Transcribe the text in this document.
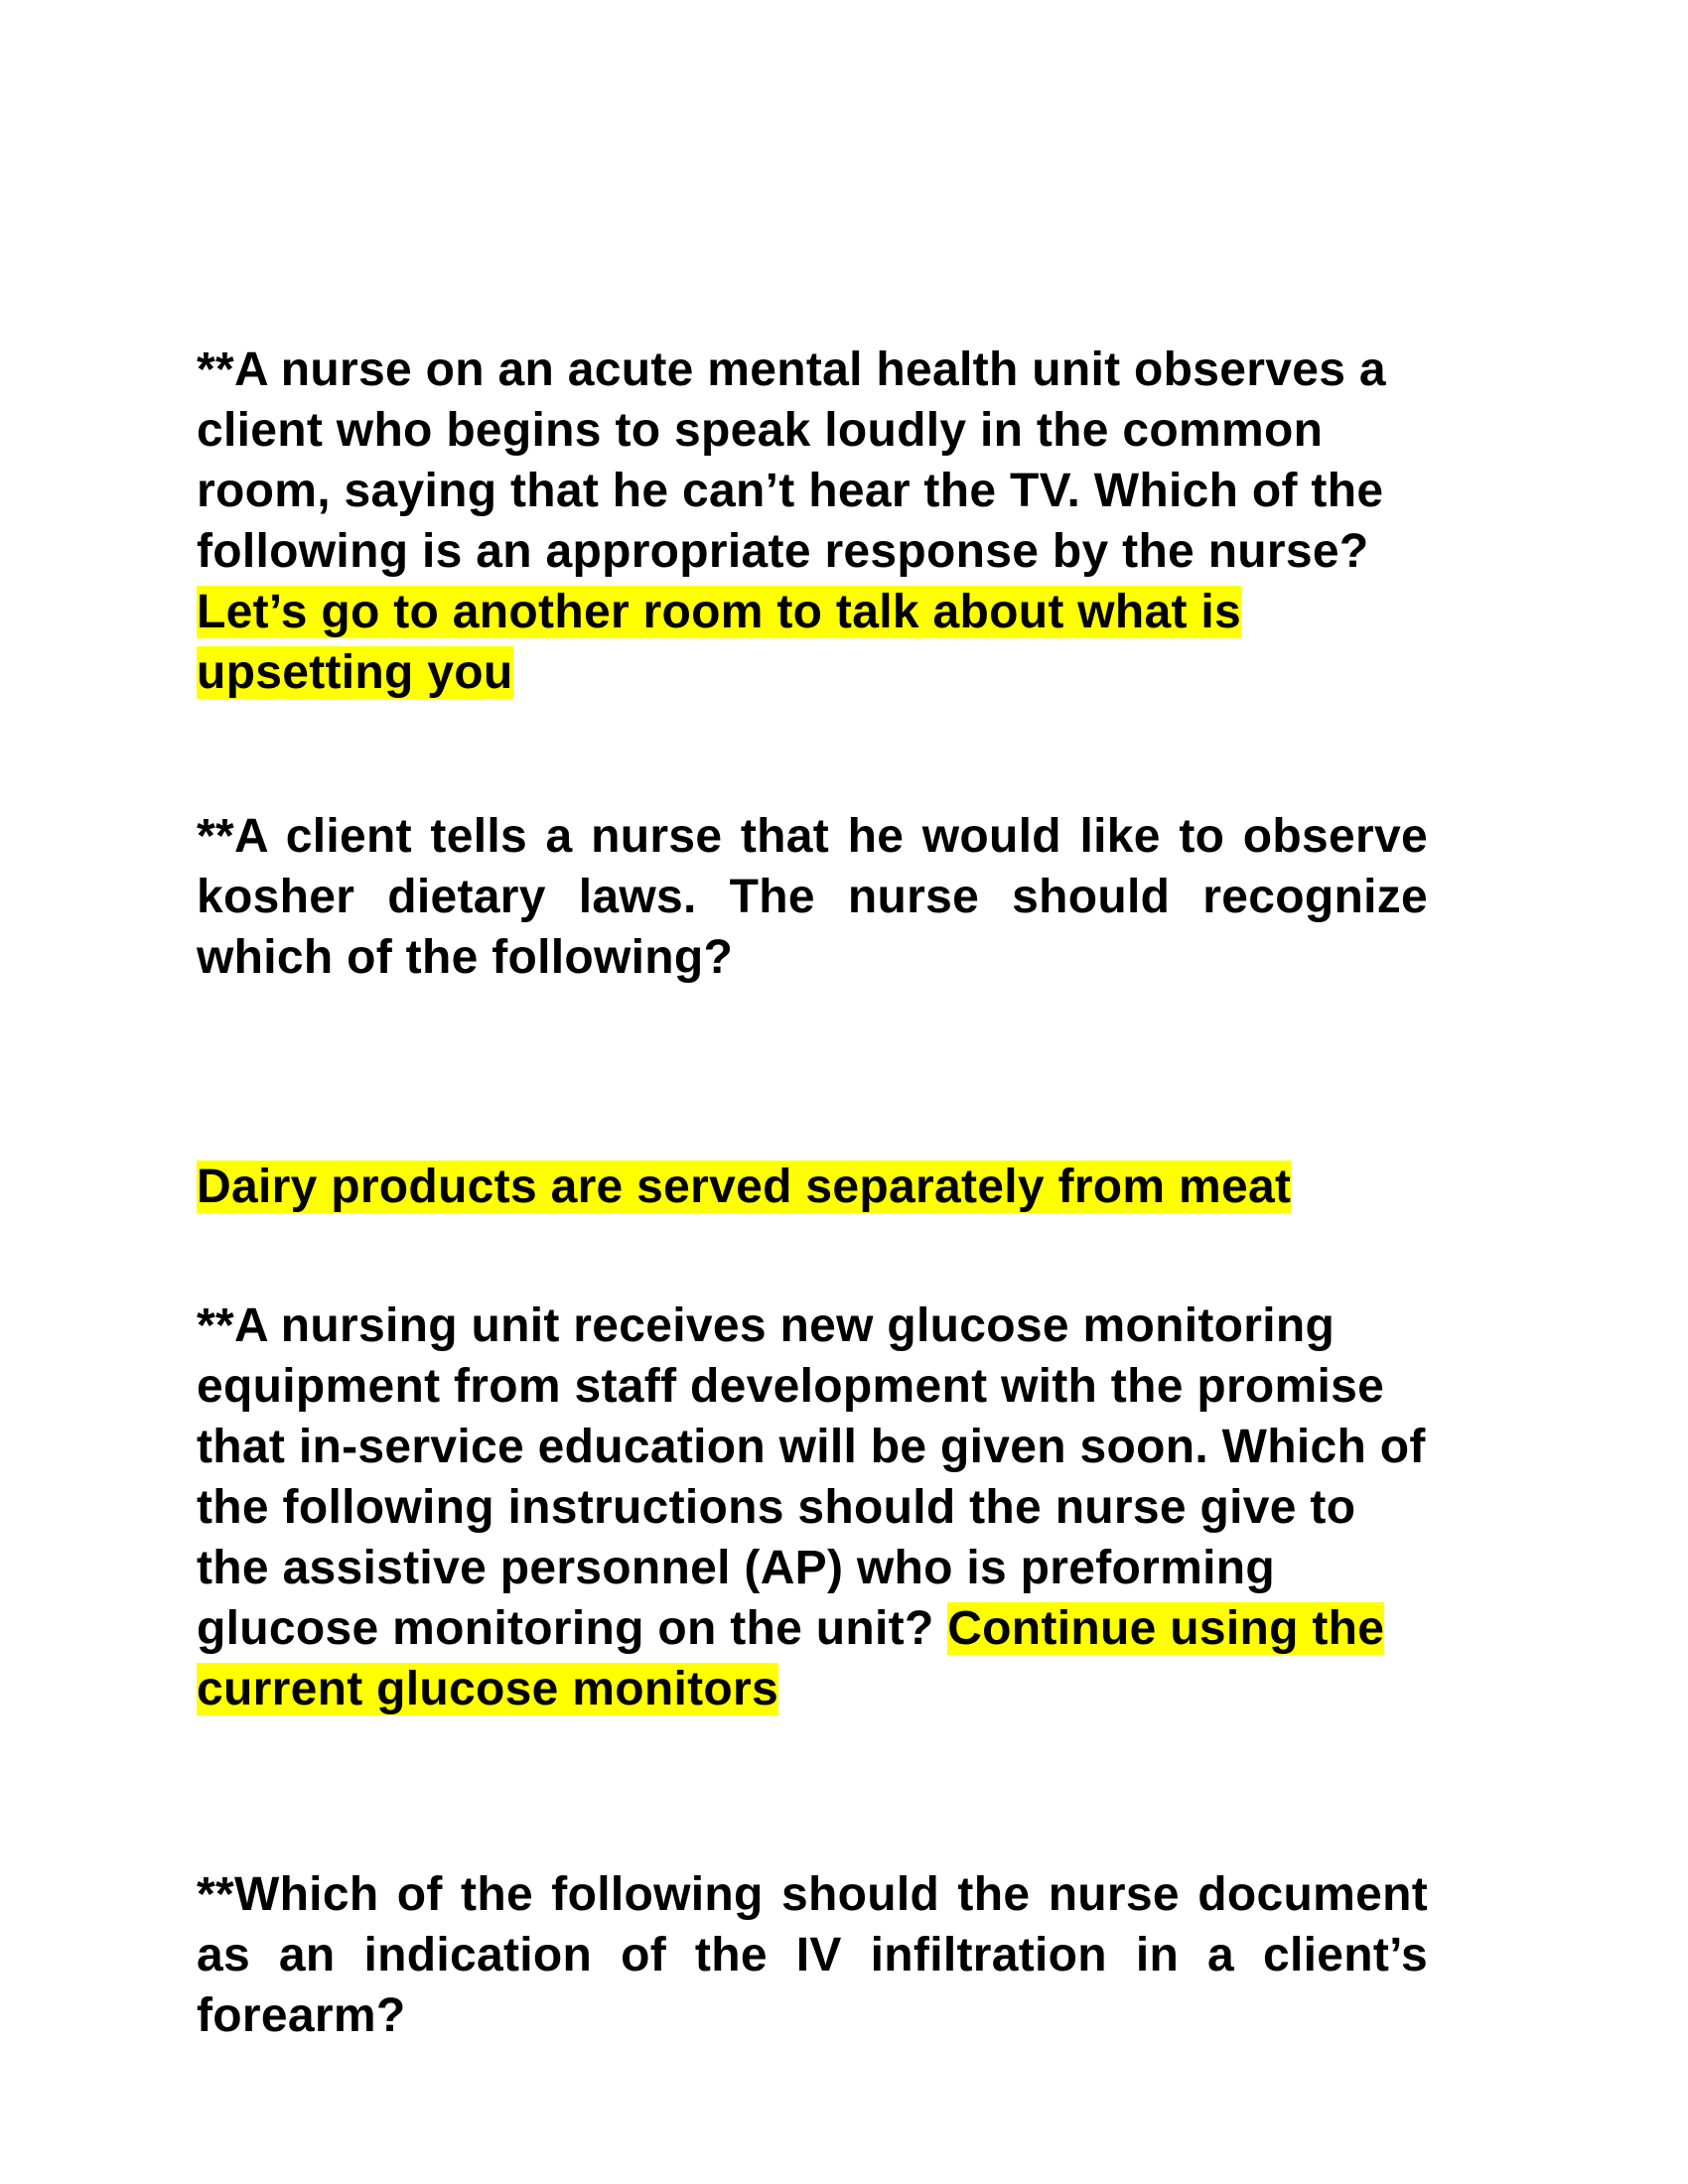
**A nurse on an acute mental health unit observes a client who begins to speak loudly in the common room, saying that he can’t hear the TV. Which of the following is an appropriate response by the nurse?
Let’s go to another room to talk about what is upsetting you

**A client tells a nurse that he would like to observe kosher dietary laws. The nurse should recognize which of the following?

Dairy products are served separately from meat

**A nursing unit receives new glucose monitoring equipment from staff development with the promise that in-service education will be given soon. Which of the following instructions should the nurse give to the assistive personnel (AP) who is preforming glucose monitoring on the unit? Continue using the current glucose monitors

**Which of the following should the nurse document as an indication of the IV infiltration in a client’s forearm?
